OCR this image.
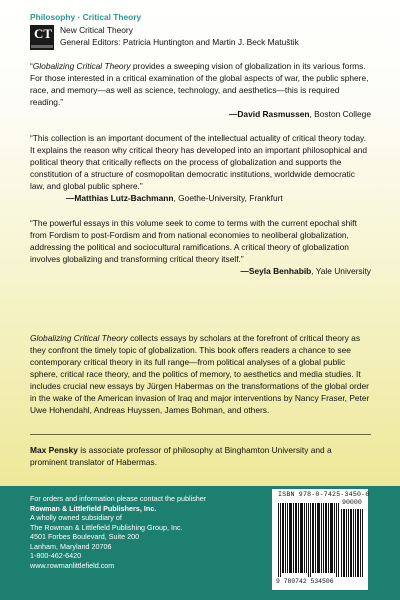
Philosophy · Critical Theory
CT New Critical Theory
General Editors: Patricia Huntington and Martin J. Beck Matuštik
“Globalizing Critical Theory provides a sweeping vision of globalization in its various forms. For those interested in a critical examination of the global aspects of war, the public sphere, race, and memory—as well as science, technology, and aesthetics—this is required reading.”
—David Rasmussen, Boston College
“This collection is an important document of the intellectual actuality of critical theory today. It explains the reason why critical theory has developed into an important philosophical and political theory that critically reflects on the process of globalization and supports the constitution of a structure of cosmopolitan democratic institutions, worldwide democratic law, and global public sphere.”
—Matthias Lutz-Bachmann, Goethe-University, Frankfurt
“The powerful essays in this volume seek to come to terms with the current epochal shift from Fordism to post-Fordism and from national economies to neoliberal globalization, addressing the political and sociocultural ramifications. A critical theory of globalization involves globalizing and transforming critical theory itself.”
—Seyla Benhabib, Yale University

Globalizing Critical Theory collects essays by scholars at the forefront of critical theory as they confront the timely topic of globalization. This book offers readers a chance to see contemporary critical theory in its full range—from political analyses of a global public sphere, critical race theory, and the politics of memory, to aesthetics and media studies. It includes crucial new essays by Jürgen Habermas on the transformations of the global order in the wake of the American invasion of Iraq and major interventions by Nancy Fraser, Peter Uwe Hohendahl, Andreas Huyssen, James Bohman, and others.

Max Pensky is associate professor of philosophy at Binghamton University and a prominent translator of Habermas.

For orders and information please contact the publisher
Rowman & Littlefield Publishers, Inc.
A wholly owned subsidiary of
The Rowman & Littlefield Publishing Group, Inc.
4501 Forbes Boulevard, Suite 200
Lanham, Maryland 20706
1-800-462-6420
www.rowmanlittlefield.com
ISBN 978-0-7425-3450-6
90000
9 780742 534506
